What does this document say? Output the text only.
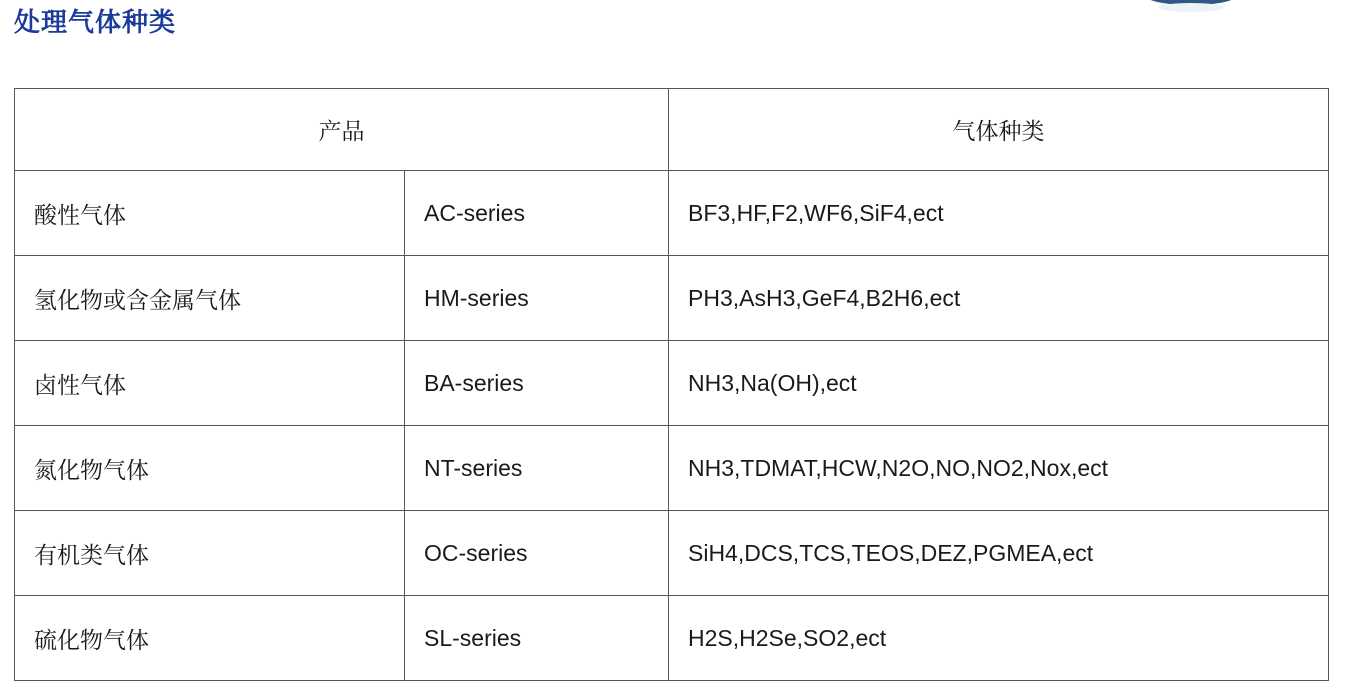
处理气体种类
产品		气体种类
酸性气体	AC-series	BF3,HF,F2,WF6,SiF4,ect
氢化物或含金属气体	HM-series	PH3,AsH3,GeF4,B2H6,ect
卤性气体	BA-series	NH3,Na(OH),ect
氮化物气体	NT-series	NH3,TDMAT,HCW,N2O,NO,NO2,Nox,ect
有机类气体	OC-series	SiH4,DCS,TCS,TEOS,DEZ,PGMEA,ect
硫化物气体	SL-series	H2S,H2Se,SO2,ect
